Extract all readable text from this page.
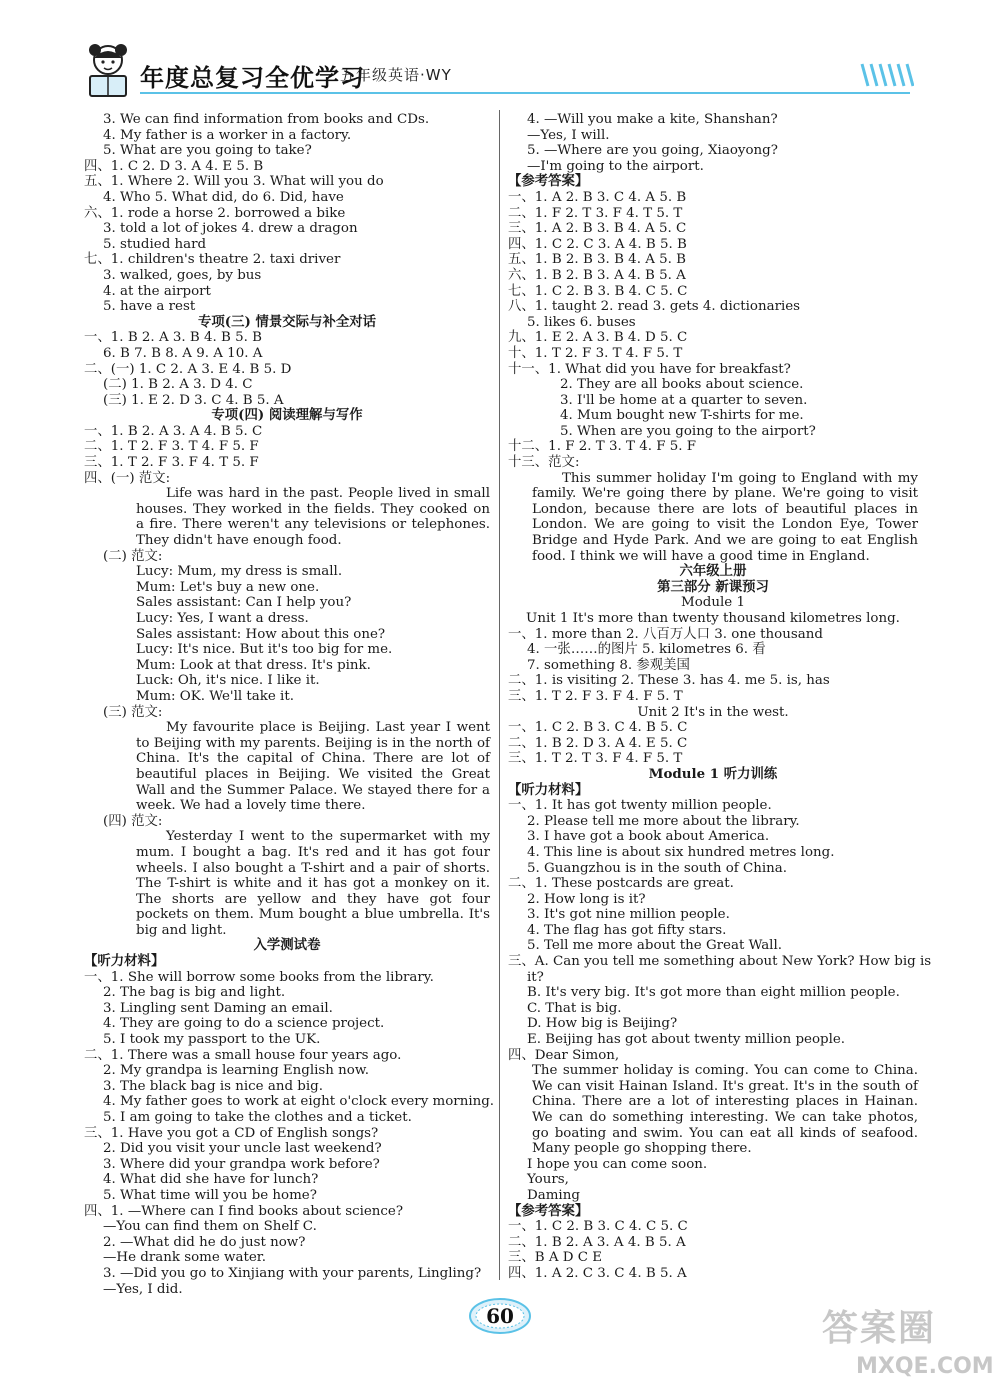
年度总复习全优学习
五年级英语·WY
3. We can find information from books and CDs.
4. My father is a worker in a factory.
5. What are you going to take?
四、1. C 2. D 3. A 4. E 5. B
五、1. Where 2. Will you 3. What will you do
4. Who 5. What did, do 6. Did, have
六、1. rode a horse 2. borrowed a bike
3. told a lot of jokes 4. drew a dragon
5. studied hard
七、1. children's theatre 2. taxi driver
3. walked, goes, by bus
4. at the airport
5. have a rest
专项(三) 情景交际与补全对话
一、1. B 2. A 3. B 4. B 5. B
6. B 7. B 8. A 9. A 10. A
二、(一) 1. C 2. A 3. E 4. B 5. D
(二) 1. B 2. A 3. D 4. C
(三) 1. E 2. D 3. C 4. B 5. A
专项(四) 阅读理解与写作
一、1. B 2. A 3. A 4. B 5. C
二、1. T 2. F 3. T 4. F 5. F
三、1. T 2. F 3. F 4. T 5. F
四、(一) 范文:
Life was hard in the past. People lived in small houses. They worked in the fields. They cooked on a fire. There weren't any televisions or telephones. They didn't have enough food.
(二) 范文:
Lucy: Mum, my dress is small.
Mum: Let's buy a new one.
Sales assistant: Can I help you?
Lucy: Yes, I want a dress.
Sales assistant: How about this one?
Lucy: It's nice. But it's too big for me.
Mum: Look at that dress. It's pink.
Luck: Oh, it's nice. I like it.
Mum: OK. We'll take it.
(三) 范文:
My favourite place is Beijing. Last year I went to Beijing with my parents. Beijing is in the north of China. It's the capital of China. There are lot of beautiful places in Beijing. We visited the Great Wall and the Summer Palace. We stayed there for a week. We had a lovely time there.
(四) 范文:
Yesterday I went to the supermarket with my mum. I bought a bag. It's red and it has got four wheels. I also bought a T-shirt and a pair of shorts. The T-shirt is white and it has got a monkey on it. The shorts are yellow and they have got four pockets on them. Mum bought a blue umbrella. It's big and light.
入学测试卷
【听力材料】
一、1. She will borrow some books from the library.
2. The bag is big and light.
3. Lingling sent Daming an email.
4. They are going to do a science project.
5. I took my passport to the UK.
二、1. There was a small house four years ago.
2. My grandpa is learning English now.
3. The black bag is nice and big.
4. My father goes to work at eight o'clock every morning.
5. I am going to take the clothes and a ticket.
三、1. Have you got a CD of English songs?
2. Did you visit your uncle last weekend?
3. Where did your grandpa work before?
4. What did she have for lunch?
5. What time will you be home?
四、1. —Where can I find books about science?
—You can find them on Shelf C.
2. —What did he do just now?
—He drank some water.
3. —Did you go to Xinjiang with your parents, Lingling?
—Yes, I did.
4. —Will you make a kite, Shanshan?
—Yes, I will.
5. —Where are you going, Xiaoyong?
—I'm going to the airport.
【参考答案】
一、1. A 2. B 3. C 4. A 5. B
二、1. F 2. T 3. F 4. T 5. T
三、1. A 2. B 3. B 4. A 5. C
四、1. C 2. C 3. A 4. B 5. B
五、1. B 2. B 3. B 4. A 5. B
六、1. B 2. B 3. A 4. B 5. A
七、1. C 2. B 3. B 4. C 5. C
八、1. taught 2. read 3. gets 4. dictionaries
5. likes 6. buses
九、1. E 2. A 3. B 4. D 5. C
十、1. T 2. F 3. T 4. F 5. T
十一、1. What did you have for breakfast?
2. They are all books about science.
3. I'll be home at a quarter to seven.
4. Mum bought new T-shirts for me.
5. When are you going to the airport?
十二、1. F 2. T 3. T 4. F 5. F
十三、范文:
This summer holiday I'm going to England with my family. We're going there by plane. We're going to visit London, because there are lots of beautiful places in London. We are going to visit the London Eye, Tower Bridge and Hyde Park. And we are going to eat English food. I think we will have a good time in England.
六年级上册
第三部分 新课预习
Module 1
Unit 1 It's more than twenty thousand kilometres long.
一、1. more than 2. 八百万人口 3. one thousand
4. 一张……的图片 5. kilometres 6. 看
7. something 8. 参观美国
二、1. is visiting 2. These 3. has 4. me 5. is, has
三、1. T 2. F 3. F 4. F 5. T
Unit 2 It's in the west.
一、1. C 2. B 3. C 4. B 5. C
二、1. B 2. D 3. A 4. E 5. C
三、1. T 2. T 3. F 4. F 5. T
Module 1 听力训练
【听力材料】
一、1. It has got twenty million people.
2. Please tell me more about the library.
3. I have got a book about America.
4. This line is about six hundred metres long.
5. Guangzhou is in the south of China.
二、1. These postcards are great.
2. How long is it?
3. It's got nine million people.
4. The flag has got fifty stars.
5. Tell me more about the Great Wall.
三、A. Can you tell me something about New York? How big is
it?
B. It's very big. It's got more than eight million people.
C. That is big.
D. How big is Beijing?
E. Beijing has got about twenty million people.
四、Dear Simon,
The summer holiday is coming. You can come to China. We can visit Hainan Island. It's great. It's in the south of China. There are a lot of interesting places in Hainan. We can do something interesting. We can take photos, go boating and swim. You can eat all kinds of seafood. Many people go shopping there.
I hope you can come soon.
Yours,
Daming
【参考答案】
一、1. C 2. B 3. C 4. C 5. C
二、1. B 2. A 3. A 4. B 5. A
三、B A D C E
四、1. A 2. C 3. C 4. B 5. A
60	答案圈
MXQE.COM
